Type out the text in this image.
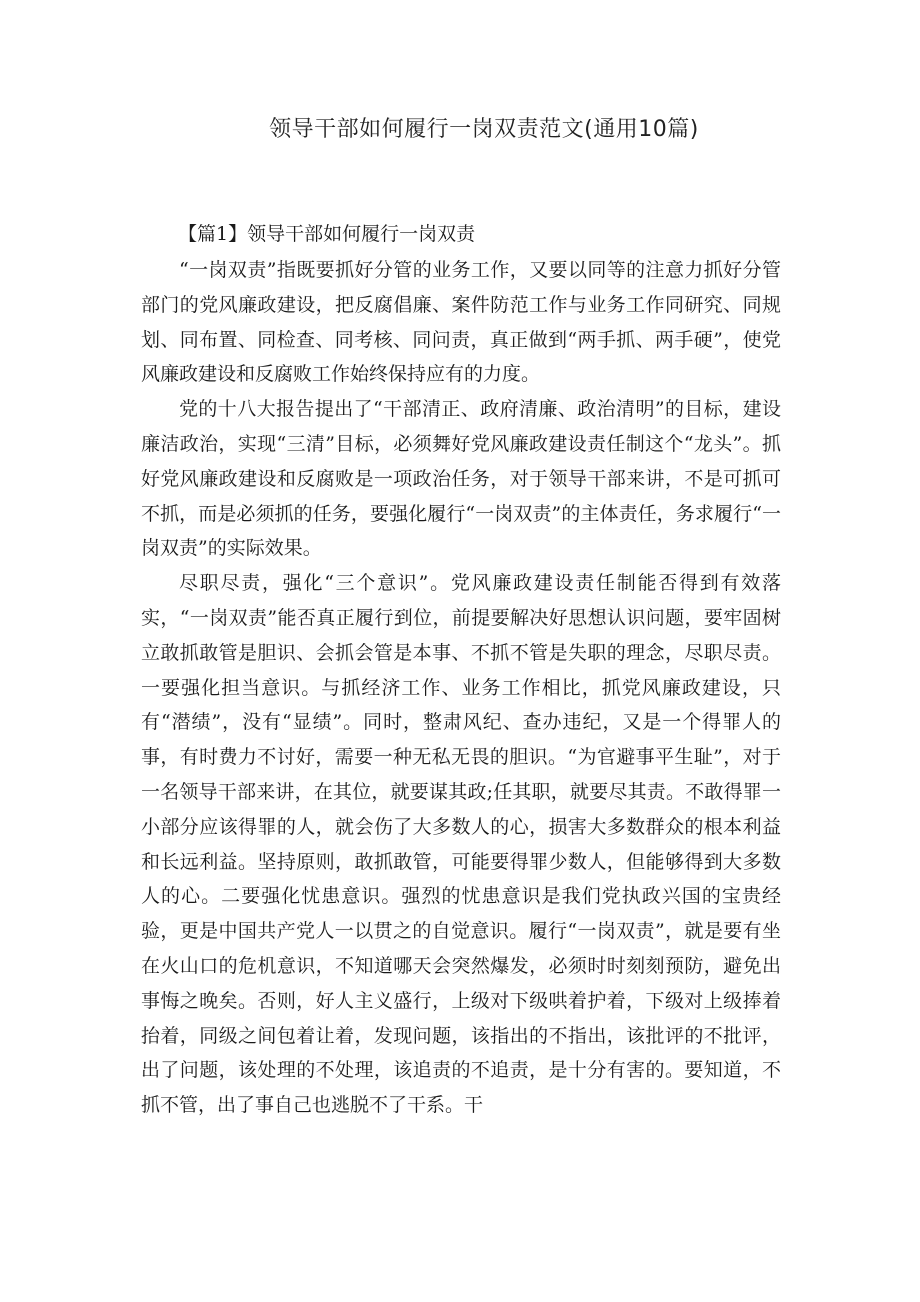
领导干部如何履行一岗双责范文(通用10篇)
【篇1】领导干部如何履行一岗双责

“一岗双责”指既要抓好分管的业务工作，又要以同等的注意力抓好分管部门的党风廉政建设，把反腐倡廉、案件防范工作与业务工作同研究、同规划、同布置、同检查、同考核、同问责，真正做到“两手抓、两手硬”，使党风廉政建设和反腐败工作始终保持应有的力度。

党的十八大报告提出了“干部清正、政府清廉、政治清明”的目标，建设廉洁政治，实现“三清”目标，必须舞好党风廉政建设责任制这个“龙头”。抓好党风廉政建设和反腐败是一项政治任务，对于领导干部来讲，不是可抓可不抓，而是必须抓的任务，要强化履行“一岗双责”的主体责任，务求履行“一岗双责”的实际效果。

尽职尽责，强化“三个意识”。党风廉政建设责任制能否得到有效落实，“一岗双责”能否真正履行到位，前提要解决好思想认识问题，要牢固树立敢抓敢管是胆识、会抓会管是本事、不抓不管是失职的理念，尽职尽责。一要强化担当意识。与抓经济工作、业务工作相比，抓党风廉政建设，只有“潜绩”，没有“显绩”。同时，整肃风纪、查办违纪，又是一个得罪人的事，有时费力不讨好，需要一种无私无畏的胆识。“为官避事平生耻”，对于一名领导干部来讲，在其位，就要谋其政;任其职，就要尽其责。不敢得罪一小部分应该得罪的人，就会伤了大多数人的心，损害大多数群众的根本利益和长远利益。坚持原则，敢抓敢管，可能要得罪少数人，但能够得到大多数人的心。二要强化忧患意识。强烈的忧患意识是我们党执政兴国的宝贵经验，更是中国共产党人一以贯之的自觉意识。履行“一岗双责”，就是要有坐在火山口的危机意识，不知道哪天会突然爆发，必须时时刻刻预防，避免出事悔之晚矣。否则，好人主义盛行，上级对下级哄着护着，下级对上级捧着抬着，同级之间包着让着，发现问题，该指出的不指出，该批评的不批评，出了问题，该处理的不处理，该追责的不追责，是十分有害的。要知道，不抓不管，出了事自己也逃脱不了干系。干
